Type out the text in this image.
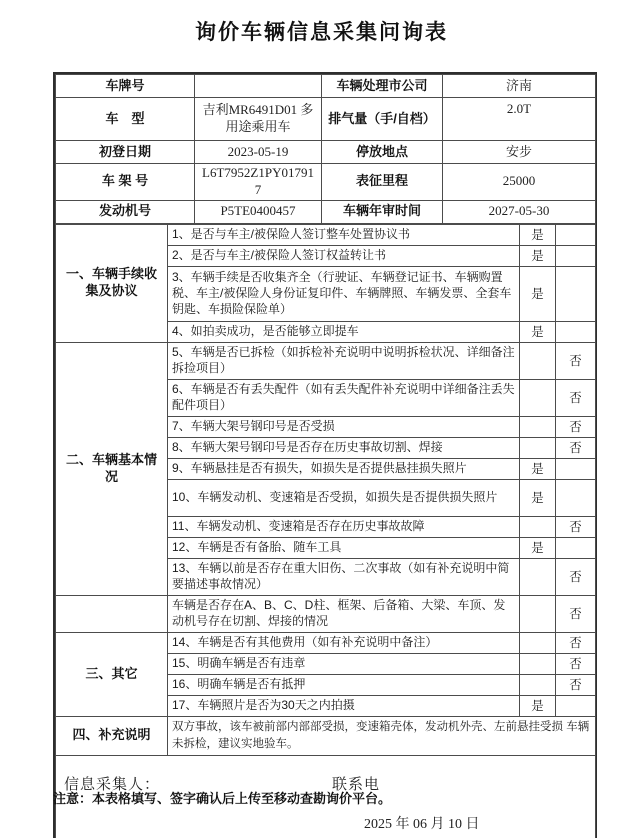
询价车辆信息采集问询表
车牌号		车辆处理市公司	济南
车　型	吉利MR6491D01 多用途乘用车	排气量（手/自档）	2.0T
初登日期	2023-05-19	停放地点	安步
车 架 号	L6T7952Z1PY017917	表征里程	25000
发动机号	P5TE0400457	车辆年审时间	2027-05-30
一、车辆手续收集及协议	1、是否与车主/被保险人签订整车处置协议书	是	
	2、是否与车主/被保险人签订权益转让书	是	
	3、车辆手续是否收集齐全（行驶证、车辆登记证书、车辆购置税、车主/被保险人身份证复印件、车辆牌照、车辆发票、全套车钥匙、车损险保险单）	是	
	4、如拍卖成功，是否能够立即提车	是	
二、车辆基本情况	5、车辆是否已拆检（如拆检补充说明中说明拆检状况、详细备注拆捡项目）		否
	6、车辆是否有丢失配件（如有丢失配件补充说明中详细备注丢失配件项目）		否
	7、车辆大架号钢印号是否受损		否
	8、车辆大架号钢印号是否存在历史事故切割、焊接		否
	9、车辆悬挂是否有损失，如损失是否提供悬挂损失照片	是	
	10、车辆发动机、变速箱是否受损，如损失是否提供损失照片	是	
	11、车辆发动机、变速箱是否存在历史事故故障		否
	12、车辆是否有备胎、随车工具	是	
	13、车辆以前是否存在重大旧伤、二次事故（如有补充说明中简要描述事故情况）		否
	车辆是否存在A、B、C、D柱、框架、后备箱、大梁、车顶、发动机号存在切割、焊接的情况		否
三、其它	14、车辆是否有其他费用（如有补充说明中备注）		否
	15、明确车辆是否有违章		否
	16、明确车辆是否有抵押		否
	17、车辆照片是否为30天之内拍摄	是	
四、补充说明	双方事故，该车被前部内部部受损，变速箱壳体，发动机外壳、左前悬挂受损 车辆未拆检，建议实地验车。		

信息采集人： 联系电
2025 年 06 月 10 日			
注意：本表格填写、签字确认后上传至移动查勘询价平台。
